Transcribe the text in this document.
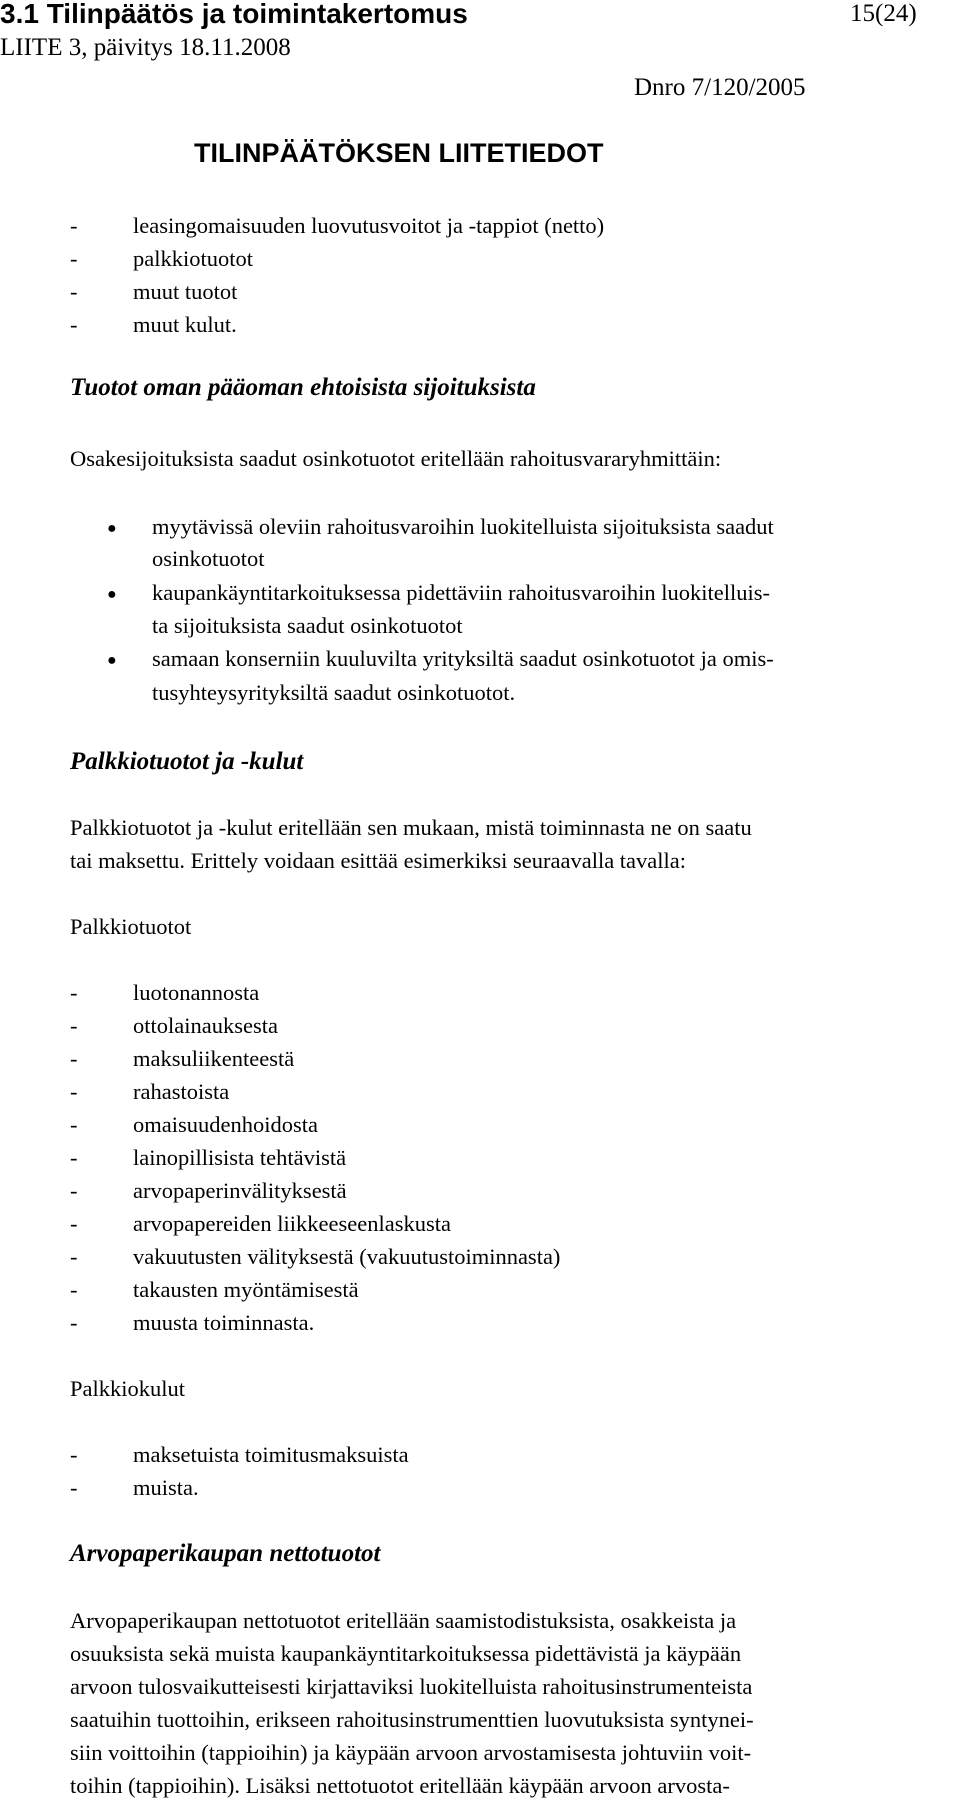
3.1 Tilinpäätös ja toimintakertomus
LIITE 3, päivitys 18.11.2008
15(24)
Dnro 7/120/2005
TILINPÄÄTÖKSEN LIITETIEDOT
- leasingomaisuuden luovutusvoitot ja -tappiot (netto)
- palkkiotuotot
- muut tuotot
- muut kulut.
Tuotot oman pääoman ehtoisista sijoituksista
Osakesijoituksista saadut osinkotuotot eritellään rahoitusvararyhmittäin:
● myytävissä oleviin rahoitusvaroihin luokitelluista sijoituksista saadut
osinkotuotot
● kaupankäyntitarkoituksessa pidettäviin rahoitusvaroihin luokitelluis-
ta sijoituksista saadut osinkotuotot
● samaan konserniin kuuluvilta yrityksiltä saadut osinkotuotot ja omis-
tusyhteysyrityksiltä saadut osinkotuotot.
Palkkiotuotot ja -kulut
Palkkiotuotot ja -kulut eritellään sen mukaan, mistä toiminnasta ne on saatu
tai maksettu. Erittely voidaan esittää esimerkiksi seuraavalla tavalla:
Palkkiotuotot
- luotonannosta
- ottolainauksesta
- maksuliikenteestä
- rahastoista
- omaisuudenhoidosta
- lainopillisista tehtävistä
- arvopaperinvälityksestä
- arvopapereiden liikkeeseenlaskusta
- vakuutusten välityksestä (vakuutustoiminnasta)
- takausten myöntämisestä
- muusta toiminnasta.
Palkkiokulut
- maksetuista toimitusmaksuista
- muista.
Arvopaperikaupan nettotuotot
Arvopaperikaupan nettotuotot eritellään saamistodistuksista, osakkeista ja
osuuksista sekä muista kaupankäyntitarkoituksessa pidettävistä ja käypään
arvoon tulosvaikutteisesti kirjattaviksi luokitelluista rahoitusinstrumenteista
saatuihin tuottoihin, erikseen rahoitusinstrumenttien luovutuksista syntynei-
siin voittoihin (tappioihin) ja käypään arvoon arvostamisesta johtuviin voit-
toihin (tappioihin). Lisäksi nettotuotot eritellään käypään arvoon arvosta-
